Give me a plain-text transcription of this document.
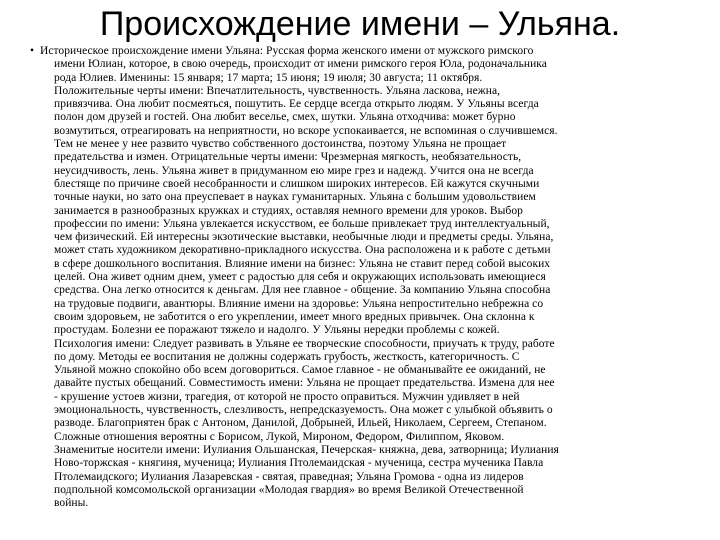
Происхождение имени – Ульяна.
• Историческое происхождение имени Ульяна: Русская форма женского имени от мужского римского
имени Юлиан, которое, в свою очередь, происходит от имени римского героя Юла, родоначальника
рода Юлиев. Именины: 15 января; 17 марта; 15 июня; 19 июля; 30 августа; 11 октября.
Положительные черты имени: Впечатлительность, чувственность. Ульяна ласкова, нежна,
привязчива. Она любит посмеяться, пошутить. Ее сердце всегда открыто людям. У Ульяны всегда
полон дом друзей и гостей. Она любит веселье, смех, шутки. Ульяна отходчива: может бурно
возмутиться, отреагировать на неприятности, но вскоре успокаивается, не вспоминая о случившемся.
Тем не менее у нее развито чувство собственного достоинства, поэтому Ульяна не прощает
предательства и измен. Отрицательные черты имени: Чрезмерная мягкость, необязательность,
неусидчивость, лень. Ульяна живет в придуманном ею мире грез и надежд. Учится она не всегда
блестяще по причине своей несобранности и слишком широких интересов. Ей кажутся скучными
точные науки, но зато она преуспевает в науках гуманитарных. Ульяна с большим удовольствием
занимается в разнообразных кружках и студиях, оставляя немного времени для уроков. Выбор
профессии по имени: Ульяна увлекается искусством, ее больше привлекает труд интеллектуальный,
чем физический. Ей интересны экзотические выставки, необычные люди и предметы среды. Ульяна,
может стать художником декоративно-прикладного искусства. Она расположена и к работе с детьми
в сфере дошкольного воспитания. Влияние имени на бизнес: Ульяна не ставит перед собой высоких
целей. Она живет одним днем, умеет с радостью для себя и окружающих использовать имеющиеся
средства. Она легко относится к деньгам. Для нее главное - общение. За компанию Ульяна способна
на трудовые подвиги, авантюры. Влияние имени на здоровье: Ульяна непростительно небрежна со
своим здоровьем, не заботится о его укреплении, имеет много вредных привычек. Она склонна к
простудам. Болезни ее поражают тяжело и надолго. У Ульяны нередки проблемы с кожей.
Психология имени: Следует развивать в Ульяне ее творческие способности, приучать к труду, работе
по дому. Методы ее воспитания не должны содержать грубость, жесткость, категоричность. С
Ульяной можно спокойно обо всем договориться. Самое главное - не обманывайте ее ожиданий, не
давайте пустых обещаний. Совместимость имени: Ульяна не прощает предательства. Измена для нее
- крушение устоев жизни, трагедия, от которой не просто оправиться. Мужчин удивляет в ней
эмоциональность, чувственность, слезливость, непредсказуемость. Она может с улыбкой объявить о
разводе. Благоприятен брак с Антоном, Данилой, Добрыней, Ильей, Николаем, Сергеем, Степаном.
Сложные отношения вероятны с Борисом, Лукой, Мироном, Федором, Филиппом, Яковом.
Знаменитые носители имени: Иулиания Ольшанская, Печерская- княжна, дева, затворница; Иулиания
Ново-торжская - княгиня, мученица; Иулиания Птолемаидская - мученица, сестра мученика Павла
Птолемаидского; Иулиания Лазаревская - святая, праведная; Ульяна Громова - одна из лидеров
подпольной комсомольской организации «Молодая гвардия» во время Великой Отечественной
войны.
